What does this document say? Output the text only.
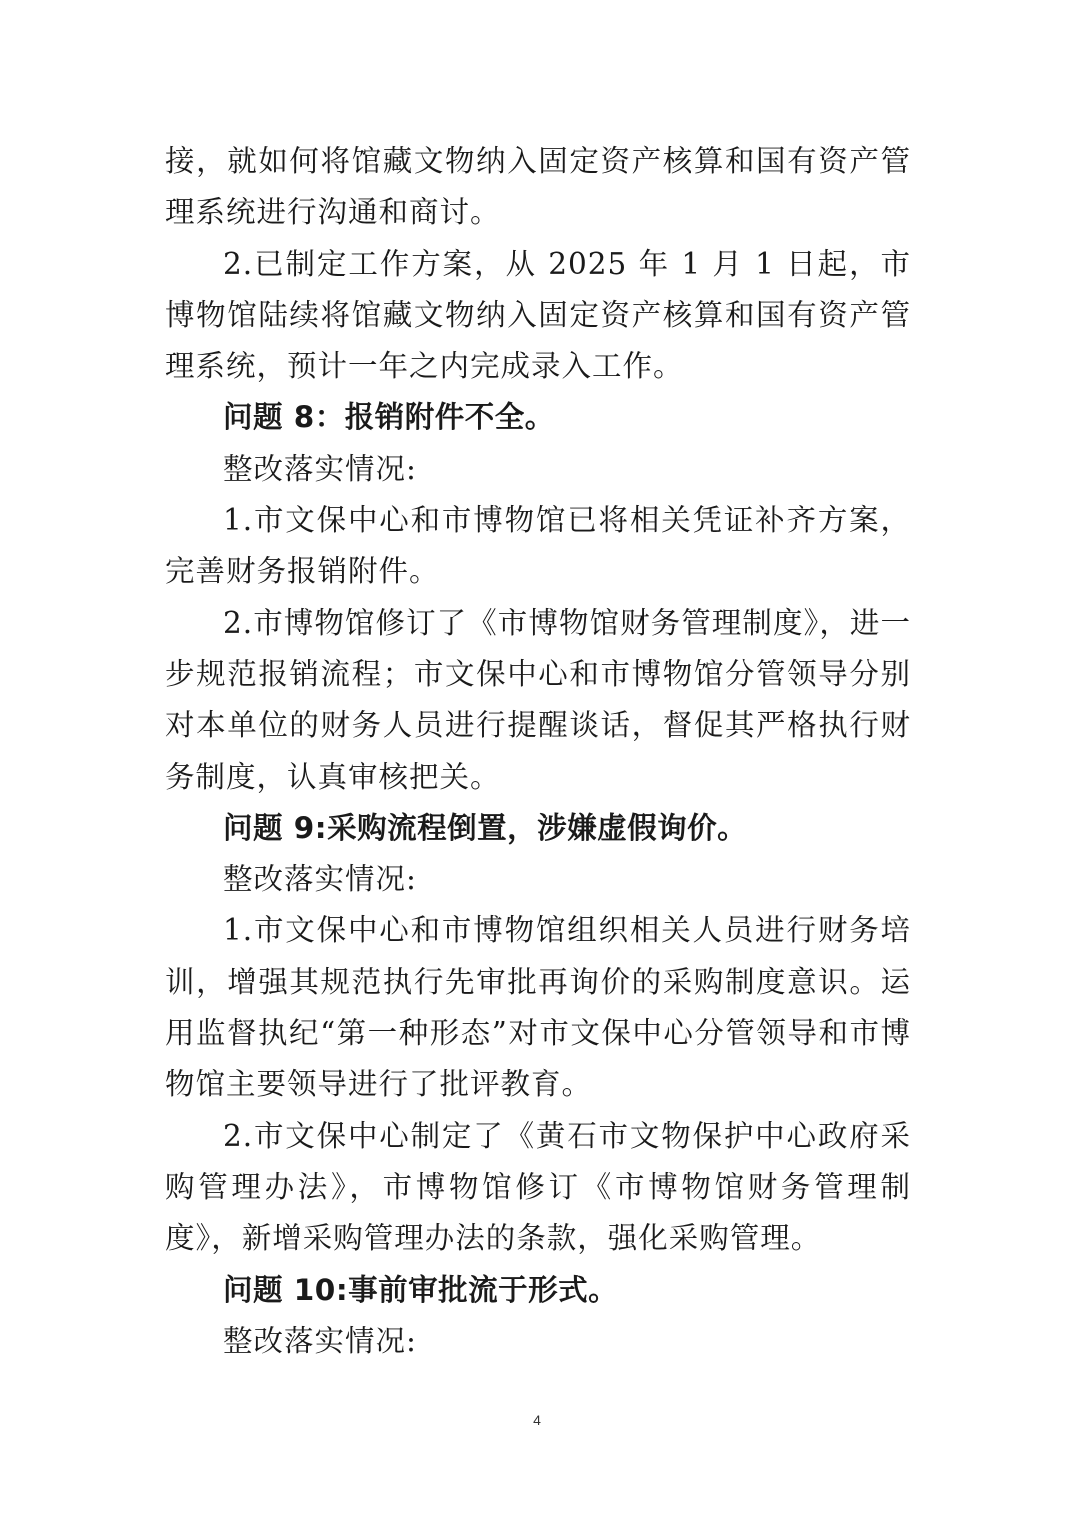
接，就如何将馆藏文物纳入固定资产核算和国有资产管理系统进行沟通和商讨。

2.已制定工作方案，从 2025 年 1 月 1 日起，市博物馆陆续将馆藏文物纳入固定资产核算和国有资产管理系统，预计一年之内完成录入工作。

问题 8：报销附件不全。

整改落实情况:

1.市文保中心和市博物馆已将相关凭证补齐方案，完善财务报销附件。

2.市博物馆修订了《市博物馆财务管理制度》，进一步规范报销流程；市文保中心和市博物馆分管领导分别对本单位的财务人员进行提醒谈话，督促其严格执行财务制度，认真审核把关。

问题 9:采购流程倒置，涉嫌虚假询价。

整改落实情况:

1.市文保中心和市博物馆组织相关人员进行财务培训，增强其规范执行先审批再询价的采购制度意识。运用监督执纪“第一种形态”对市文保中心分管领导和市博物馆主要领导进行了批评教育。

2.市文保中心制定了《黄石市文物保护中心政府采购管理办法》，市博物馆修订《市博物馆财务管理制度》，新增采购管理办法的条款，强化采购管理。

问题 10:事前审批流于形式。

整改落实情况:

4
